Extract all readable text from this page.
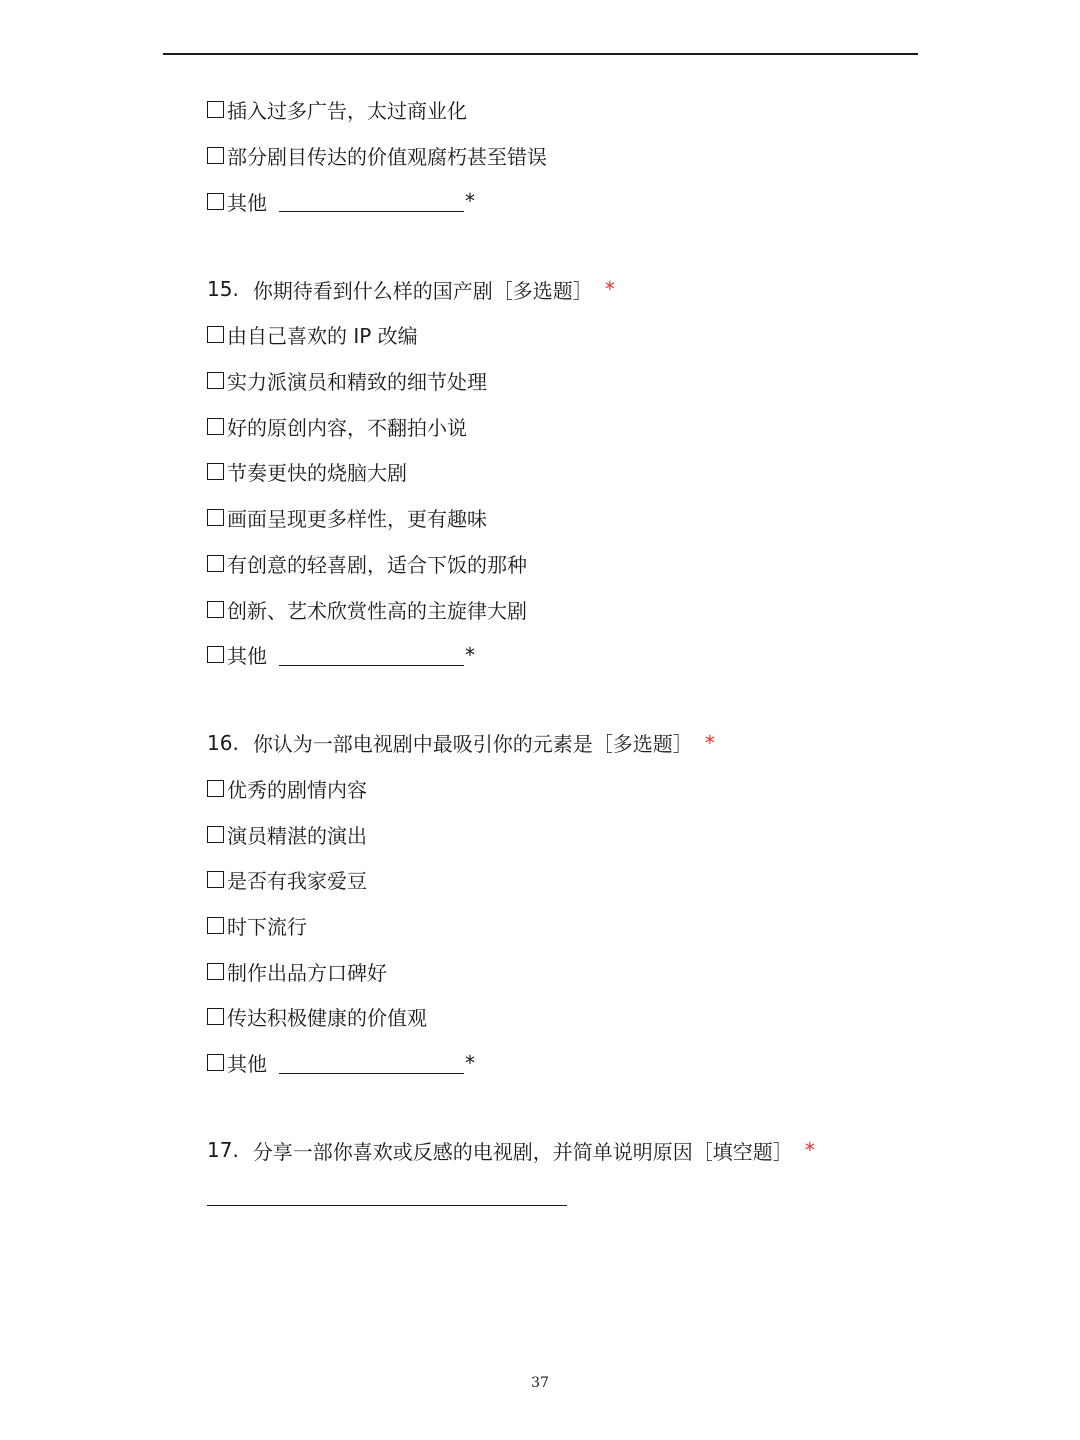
插入过多广告，太过商业化
部分剧目传达的价值观腐朽甚至错误
其他	*
15. 你期待看到什么样的国产剧［多选题］ *
由自己喜欢的 IP 改编
实力派演员和精致的细节处理
好的原创内容，不翻拍小说
节奏更快的烧脑大剧
画面呈现更多样性，更有趣味
有创意的轻喜剧，适合下饭的那种
创新、艺术欣赏性高的主旋律大剧
其他	*
16. 你认为一部电视剧中最吸引你的元素是［多选题］ *
优秀的剧情内容
演员精湛的演出
是否有我家爱豆
时下流行
制作出品方口碑好
传达积极健康的价值观
其他	*
17. 分享一部你喜欢或反感的电视剧，并简单说明原因［填空题］ *
37
